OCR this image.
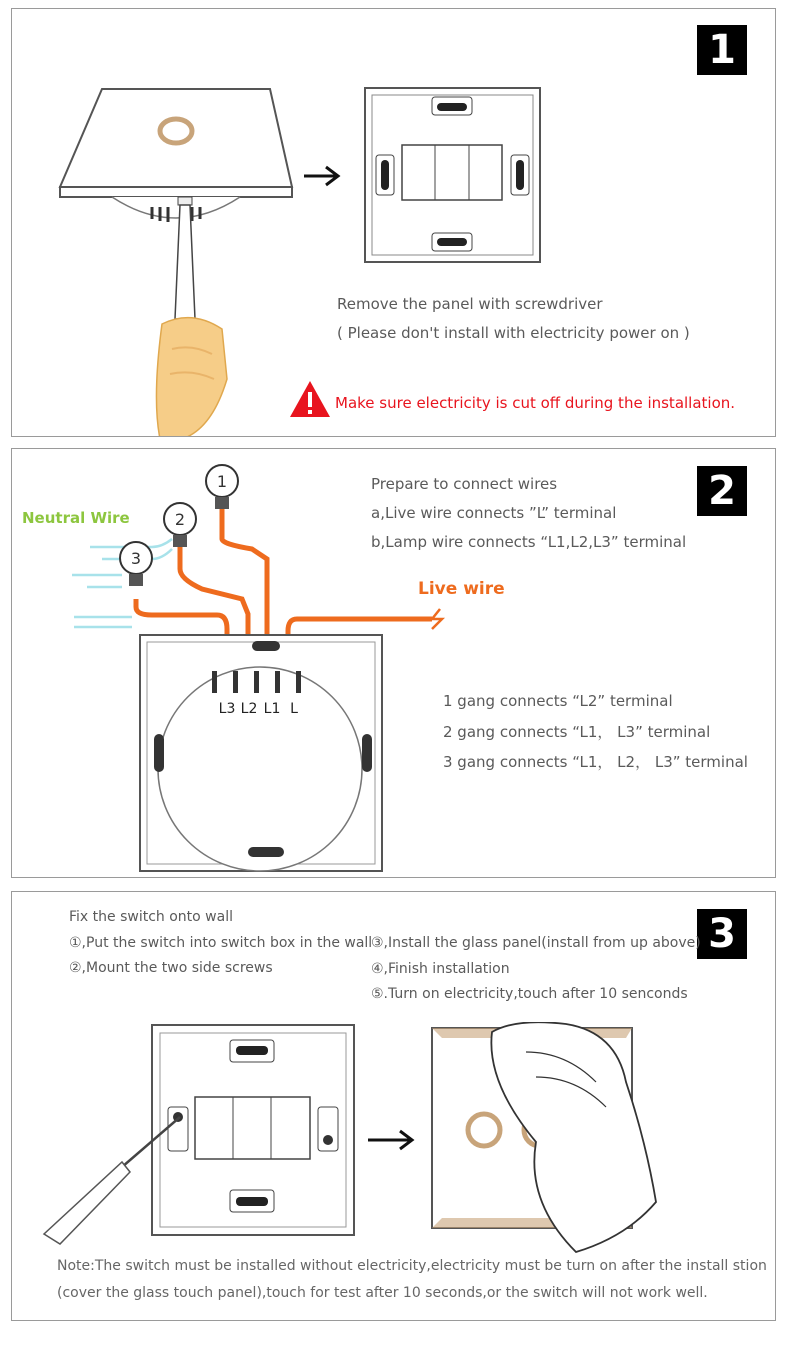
1
Remove the panel with screwdriver
( Please don't install with electricity power on )
Make sure electricity is cut off during the installation.
2
Prepare to connect wires
a,Live wire connects ”L” terminal
b,Lamp wire connects “L1,L2,L3” terminal
1
2
3
L3 L2 L1 L
Neutral Wire
Live wire
1 gang connects “L2” terminal
2 gang connects “L1， L3” terminal
3 gang connects “L1， L2， L3” terminal
3
Fix the switch onto wall
①,Put the switch into switch box in the wall
②,Mount the two side screws
③,Install the glass panel(install from up above)
④,Finish installation
⑤.Turn on electricity,touch after 10 senconds
Note:The switch must be installed without electricity,electricity must be turn on after the install stion
(cover the glass touch panel),touch for test after 10 seconds,or the switch will not work well.
